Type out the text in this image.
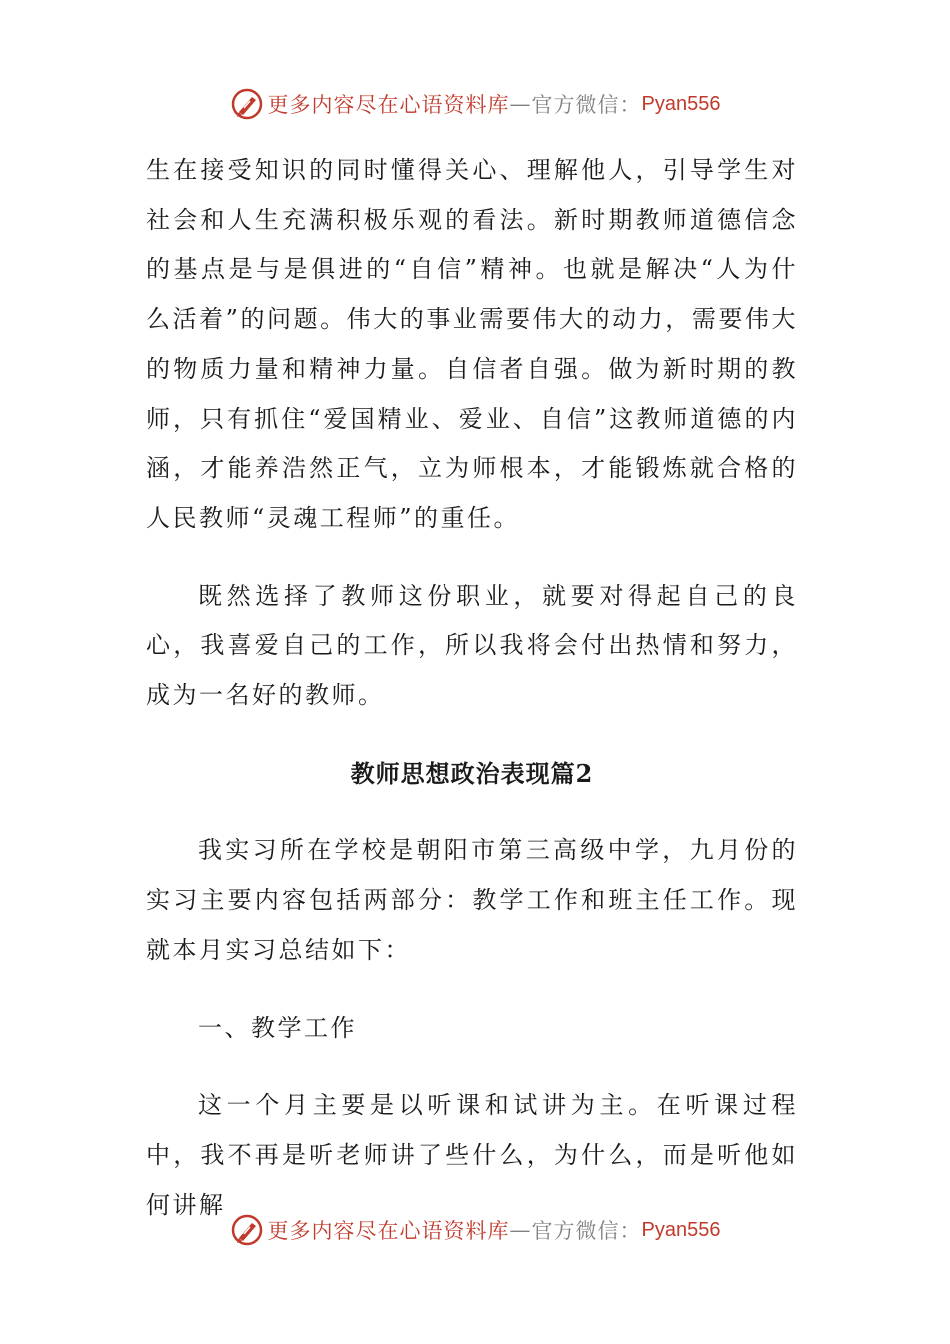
更多内容尽在心语资料库 — 官方微信： Pyan556

生在接受知识的同时懂得关心、理解他人，引导学生对社会和人生充满积极乐观的看法。新时期教师道德信念的基点是与是俱进的“自信”精神。也就是解决“人为什么活着”的问题。伟大的事业需要伟大的动力，需要伟大的物质力量和精神力量。自信者自强。做为新时期的教师，只有抓住“爱国精业、爱业、自信”这教师道德的内涵，才能养浩然正气，立为师根本，才能锻炼就合格的人民教师“灵魂工程师”的重任。

既然选择了教师这份职业，就要对得起自己的良心，我喜爱自己的工作，所以我将会付出热情和努力，成为一名好的教师。

教师思想政治表现篇2

我实习所在学校是朝阳市第三高级中学，九月份的实习主要内容包括两部分：教学工作和班主任工作。现就本月实习总结如下：

一、教学工作

这一个月主要是以听课和试讲为主。在听课过程中，我不再是听老师讲了些什么，为什么，而是听他如何讲解

更多内容尽在心语资料库 — 官方微信： Pyan556
